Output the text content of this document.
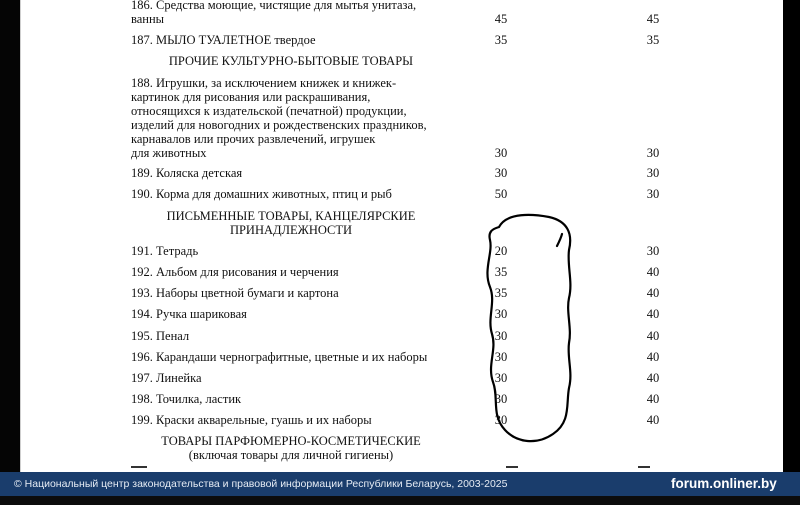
186. Средства моющие, чистящие для мытья унитаза,
ванны	45	45
187. МЫЛО ТУАЛЕТНОЕ твердое	35	35
ПРОЧИЕ КУЛЬТУРНО-БЫТОВЫЕ ТОВАРЫ
188. Игрушки, за исключением книжек и книжек-
картинок для рисования или раскрашивания,
относящихся к издательской (печатной) продукции,
изделий для новогодних и рождественских праздников,
карнавалов или прочих развлечений, игрушек
для животных	30	30
189. Коляска детская	30	30
190. Корма для домашних животных, птиц и рыб	50	30
ПИСЬМЕННЫЕ ТОВАРЫ, КАНЦЕЛЯРСКИЕ
ПРИНАДЛЕЖНОСТИ
191. Тетрадь	20	30
192. Альбом для рисования и черчения	35	40
193. Наборы цветной бумаги и картона	35	40
194. Ручка шариковая	30	40
195. Пенал	30	40
196. Карандаши чернографитные, цветные и их наборы	30	40
197. Линейка	30	40
198. Точилка, ластик	30	40
199. Краски акварельные, гуашь и их наборы	30	40
ТОВАРЫ ПАРФЮМЕРНО-КОСМЕТИЧЕСКИЕ
(включая товары для личной гигиены)
© Национальный центр законодательства и правовой информации Республики Беларусь, 2003-2025	forum.onliner.by
